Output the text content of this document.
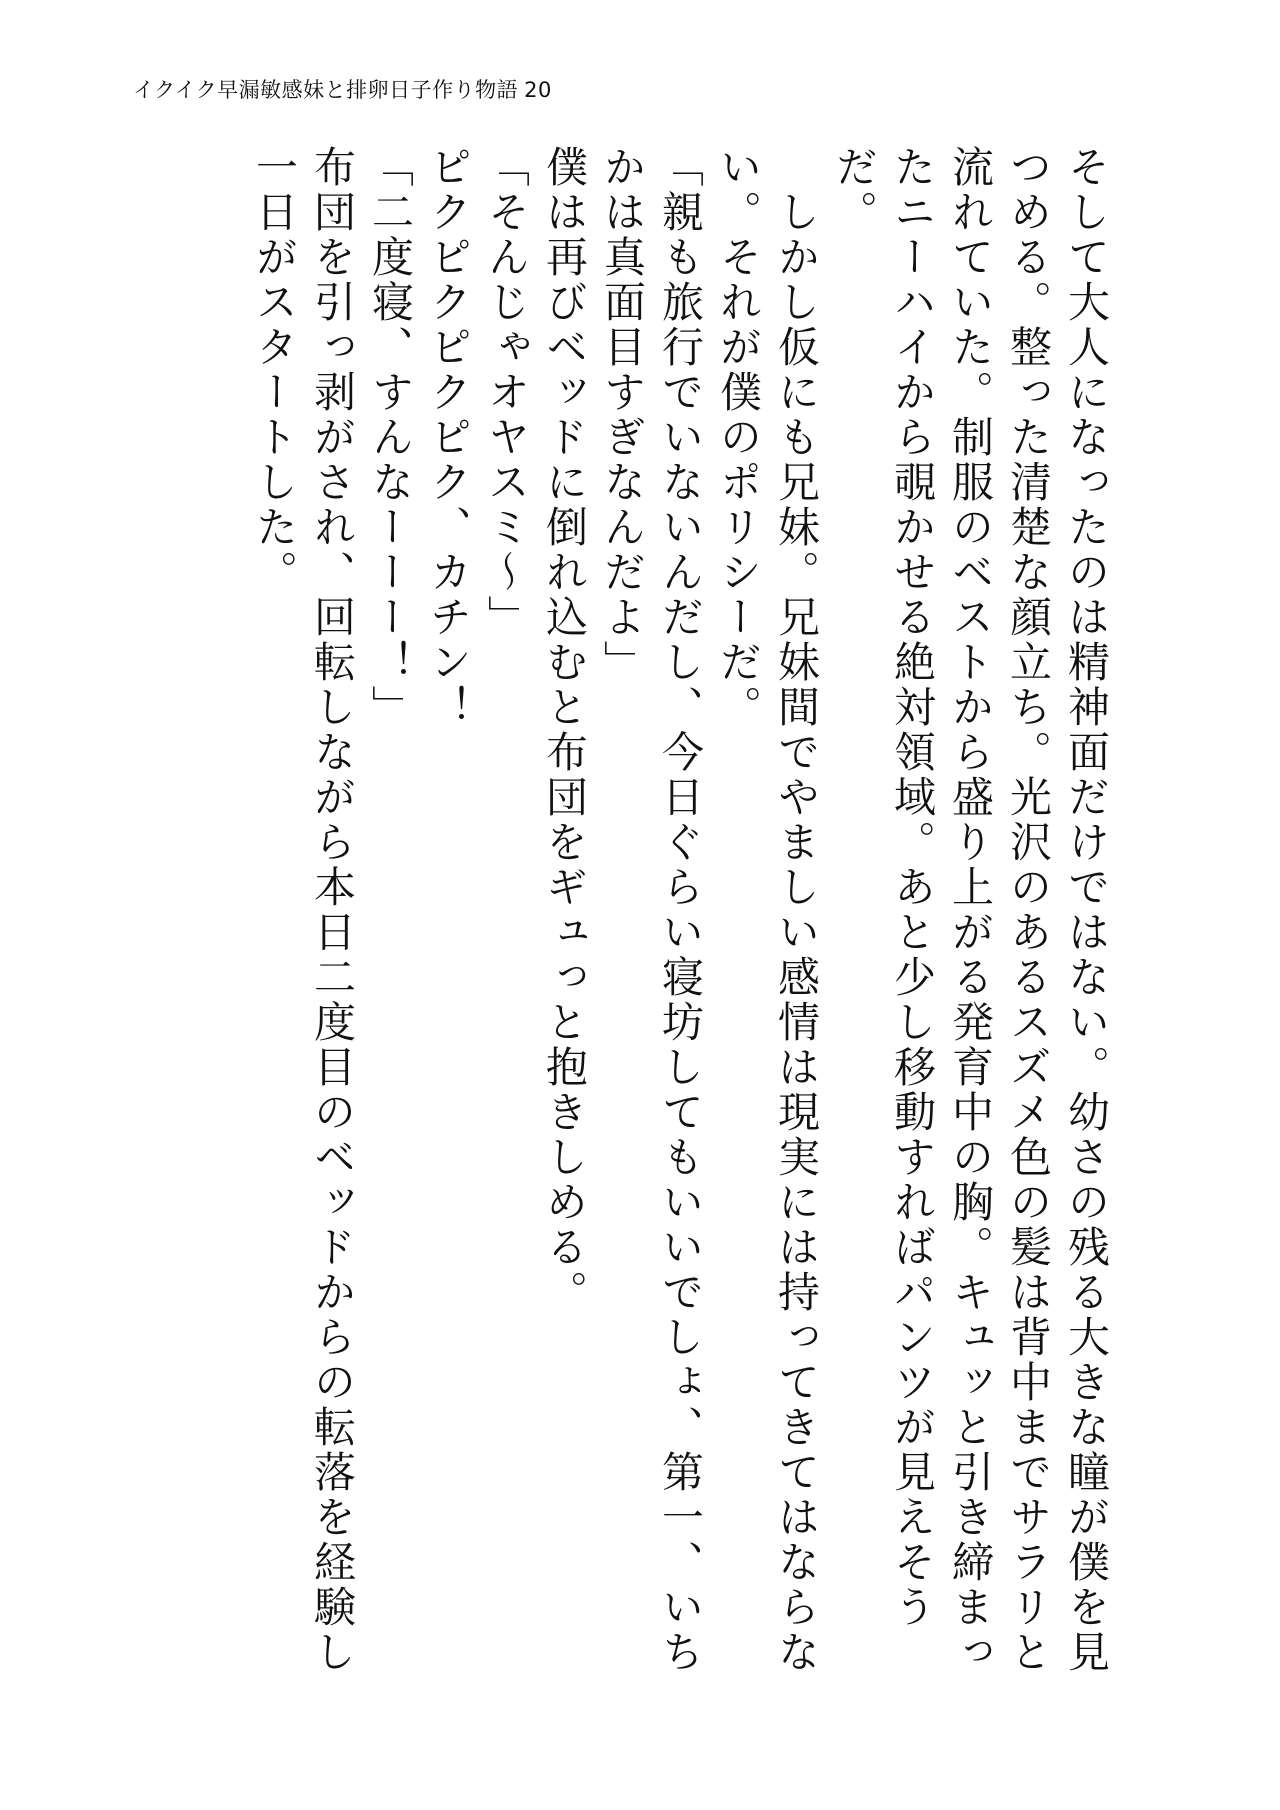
イクイク早漏敏感妹と排卵日子作り物語 20

そして大人になったのは精神面だけではない。幼さの残る大きな瞳が僕を見つめる。整った清楚な顔立ち。光沢のあるスズメ色の髪は背中までサラリと流れていた。制服のベストから盛り上がる発育中の胸。キュッと引き締まったニーハイから覗かせる絶対領域。あと少し移動すればパンツが見えそうだ。

　しかし仮にも兄妹。兄妹間でやましい感情は現実には持ってきてはならない。それが僕のポリシーだ。

「親も旅行でいないんだし、今日ぐらい寝坊してもいいでしょ、第一、いちかは真面目すぎなんだよ」

僕は再びベッドに倒れ込むと布団をギュっと抱きしめる。

「そんじゃオヤスミ～」

ピクピクピクピク、カチン！

「二度寝、すんなーーー！」

布団を引っ剥がされ、回転しながら本日二度目のベッドからの転落を経験し一日がスタートした。
